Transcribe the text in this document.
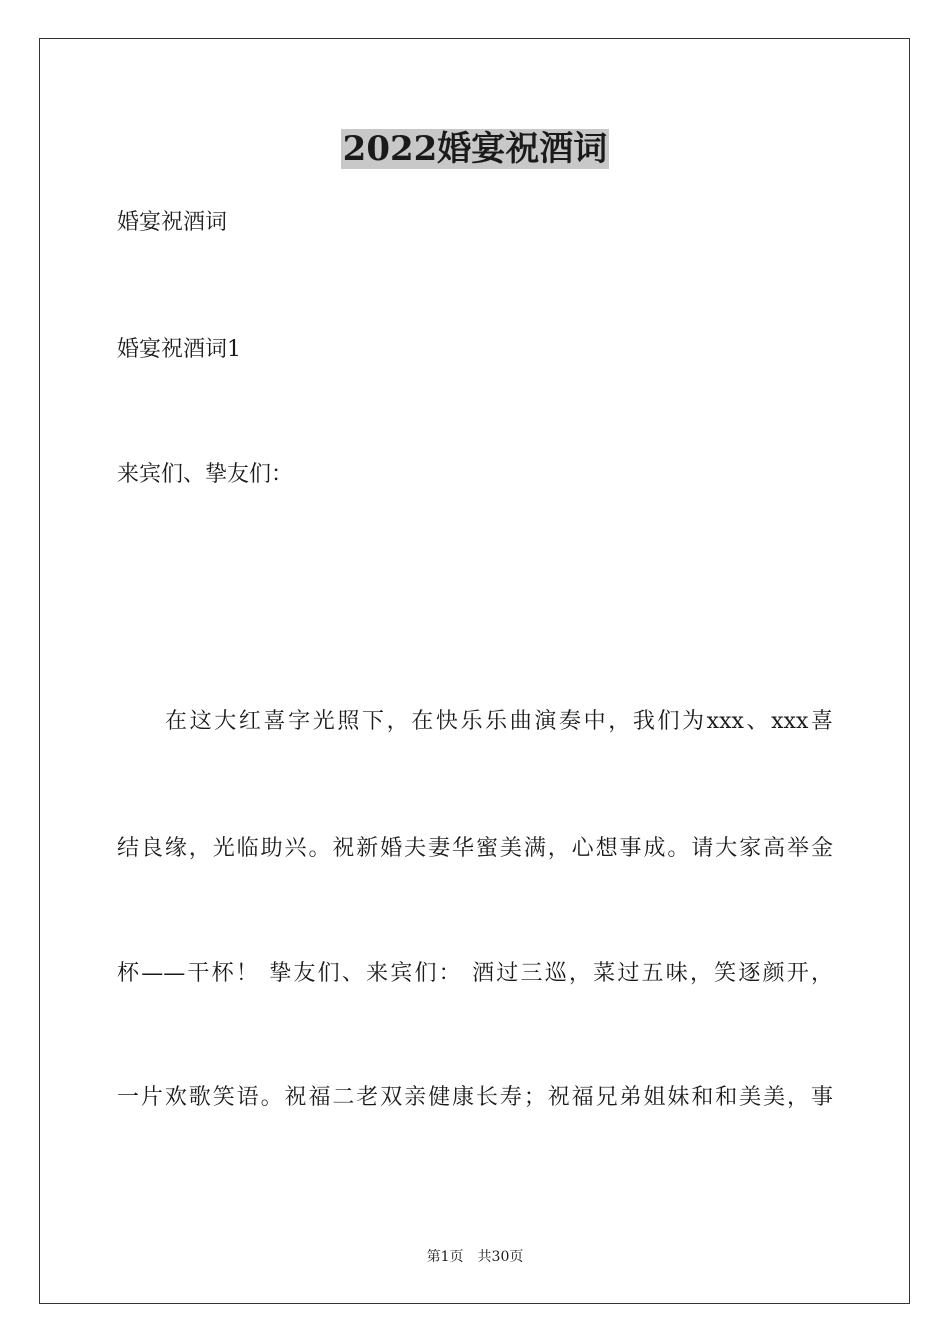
2022婚宴祝酒词
婚宴祝酒词
婚宴祝酒词1
来宾们、挚友们：
在这大红喜字光照下，在快乐乐曲演奏中，我们为xxx、xxx喜
结良缘，光临助兴。祝新婚夫妻华蜜美满，心想事成。请大家高举金
杯——干杯！ 挚友们、来宾们： 酒过三巡，菜过五味，笑逐颜开，
一片欢歌笑语。祝福二老双亲健康长寿；祝福兄弟姐妹和和美美，事
第1页　共30页
